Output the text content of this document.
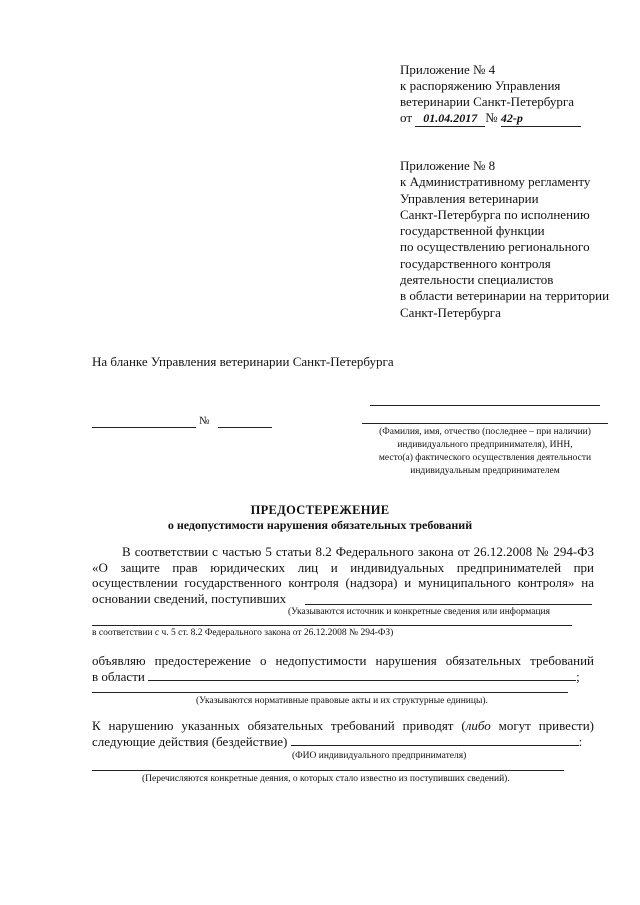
Приложение № 4
к распоряжению Управления
ветеринарии Санкт-Петербурга
от 01.04.2017 № 42-р
Приложение № 8
к Административному регламенту
Управления ветеринарии
Санкт-Петербурга по исполнению
государственной функции
по осуществлению регионального
государственного контроля
деятельности специалистов
в области ветеринарии на территории
Санкт-Петербурга
На бланке Управления ветеринарии Санкт-Петербурга
№
(Фамилия, имя, отчество (последнее – при наличии)
индивидуального предпринимателя), ИНН,
место(а) фактического осуществления деятельности
индивидуальным предпринимателем
ПРЕДОСТЕРЕЖЕНИЕ
о недопустимости нарушения обязательных требований
В соответствии с частью 5 статьи 8.2 Федерального закона от 26.12.2008 № 294-ФЗ «О защите прав юридических лиц и индивидуальных предпринимателей при осуществлении государственного контроля (надзора) и муниципального контроля» на основании сведений, поступивших
(Указываются источник и конкретные сведения или информация
в соответствии с ч. 5 ст. 8.2 Федерального закона от 26.12.2008 № 294-ФЗ)
объявляю предостережение о недопустимости нарушения обязательных требований
в области	;
(Указываются нормативные правовые акты и их структурные единицы).
К нарушению указанных обязательных требований приводят (либо могут привести)
следующие действия (бездействие)	:
(ФИО индивидуального предпринимателя)
(Перечисляются конкретные деяния, о которых стало известно из поступивших сведений).
